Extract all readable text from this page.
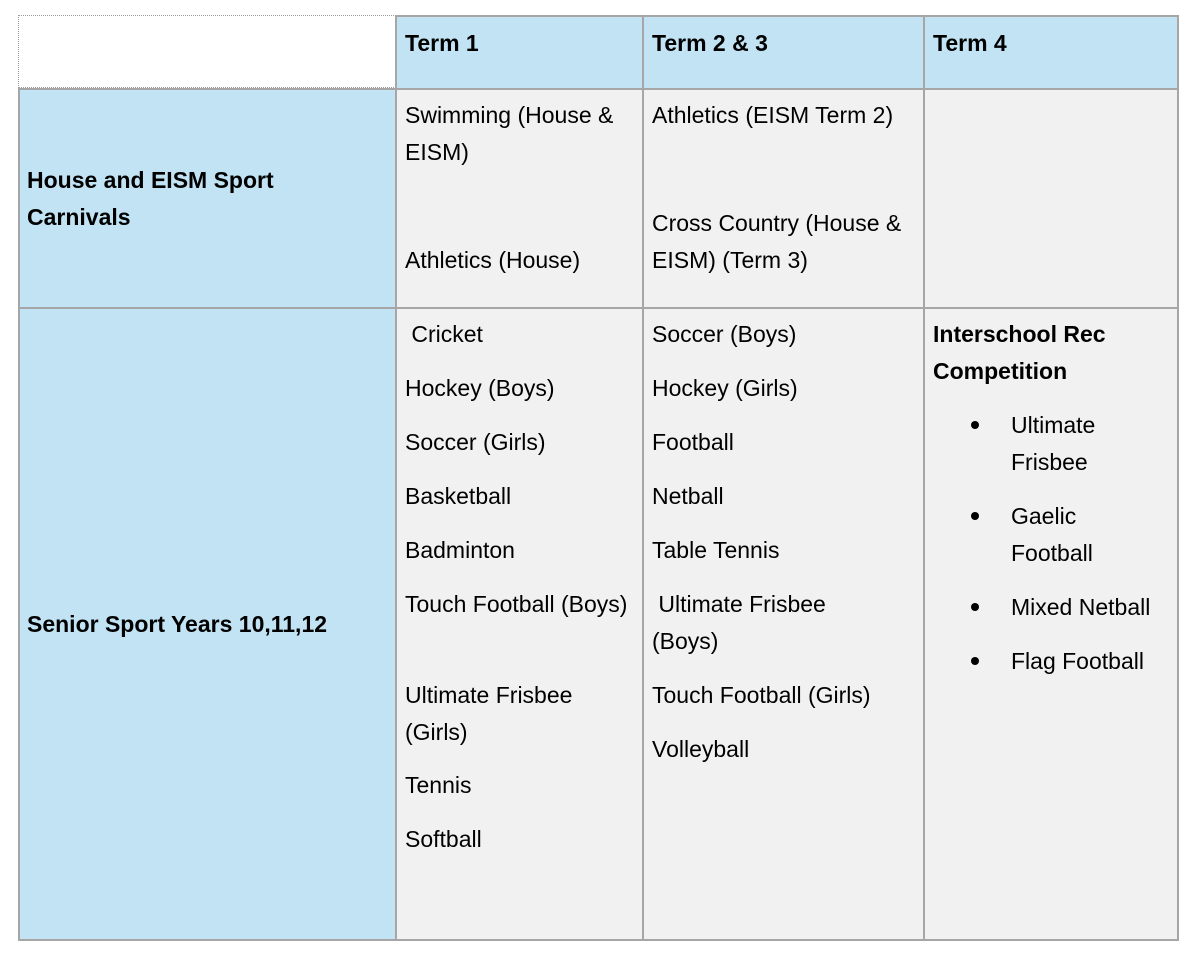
Term 1	Term 2 & 3	Term 4
House and EISM Sport Carnivals

Swimming (House & EISM)

Athletics (House)

Athletics (EISM Term 2)

Cross Country (House & EISM) (Term 3)

Senior Sport Years 10,11,12

Cricket

Hockey (Boys)

Soccer (Girls)

Basketball

Badminton

Touch Football (Boys)

Ultimate Frisbee (Girls)

Tennis

Softball

Soccer (Boys)

Hockey (Girls)

Football

Netball

Table Tennis

Ultimate Frisbee (Boys)

Touch Football (Girls)

Volleyball

Interschool Rec Competition

Ultimate Frisbee
Gaelic Football
Mixed Netball
Flag Football
